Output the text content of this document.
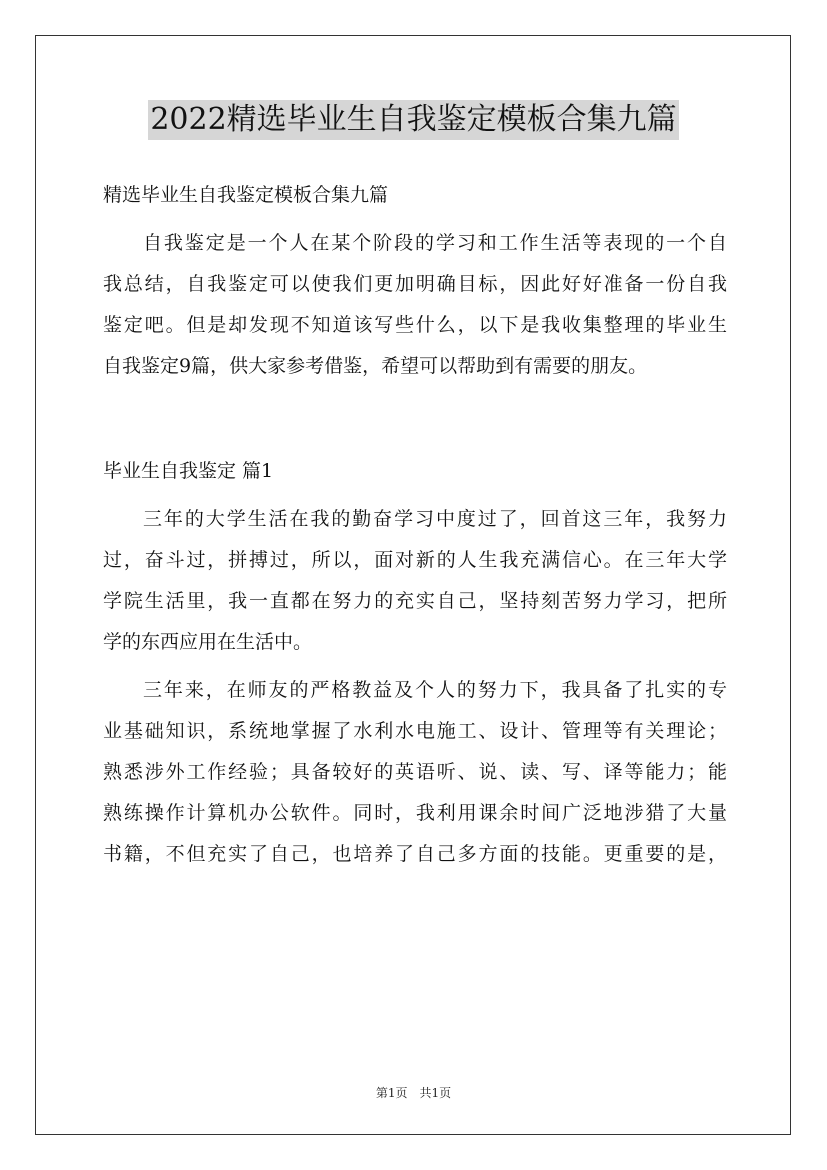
2022精选毕业生自我鉴定模板合集九篇
精选毕业生自我鉴定模板合集九篇
自我鉴定是一个人在某个阶段的学习和工作生活等表现的一个自
我总结，自我鉴定可以使我们更加明确目标，因此好好准备一份自我
鉴定吧。但是却发现不知道该写些什么，以下是我收集整理的毕业生
自我鉴定9篇，供大家参考借鉴，希望可以帮助到有需要的朋友。
毕业生自我鉴定 篇1
三年的大学生活在我的勤奋学习中度过了，回首这三年，我努力
过，奋斗过，拼搏过，所以，面对新的人生我充满信心。在三年大学
学院生活里，我一直都在努力的充实自己，坚持刻苦努力学习，把所
学的东西应用在生活中。
三年来，在师友的严格教益及个人的努力下，我具备了扎实的专
业基础知识，系统地掌握了水利水电施工、设计、管理等有关理论；
熟悉涉外工作经验；具备较好的英语听、说、读、写、译等能力；能
熟练操作计算机办公软件。同时，我利用课余时间广泛地涉猎了大量
书籍，不但充实了自己，也培养了自己多方面的技能。更重要的是，
第1页　共1页
